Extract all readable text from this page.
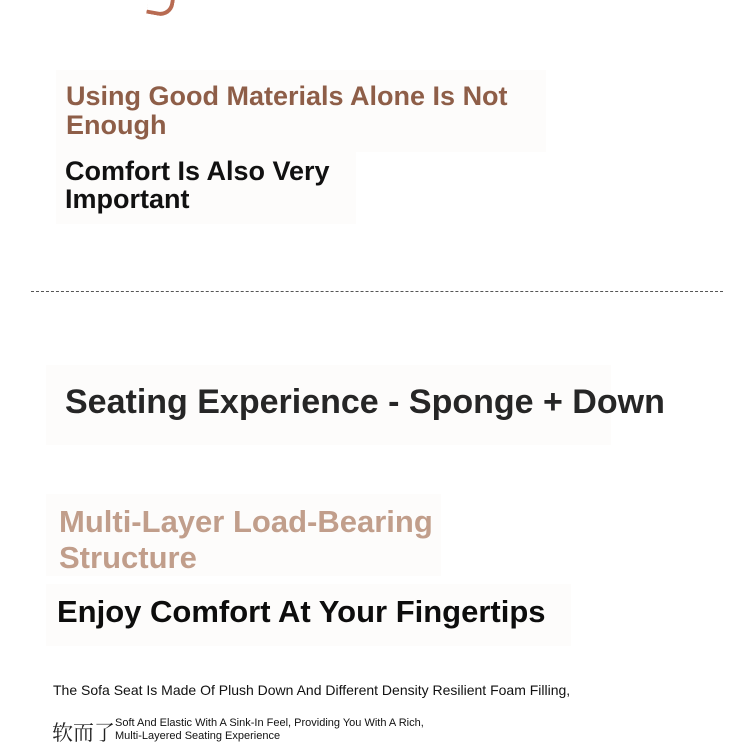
Using Good Materials Alone Is Not Enough
Comfort Is Also Very Important
Seating Experience - Sponge + Down
Multi-Layer Load-Bearing Structure
Enjoy Comfort At Your Fingertips
The Sofa Seat Is Made Of Plush Down And Different Density Resilient Foam Filling,
软而了 Soft And Elastic With A Sink-In Feel, Providing You With A Rich,
Multi-Layered Seating Experience
